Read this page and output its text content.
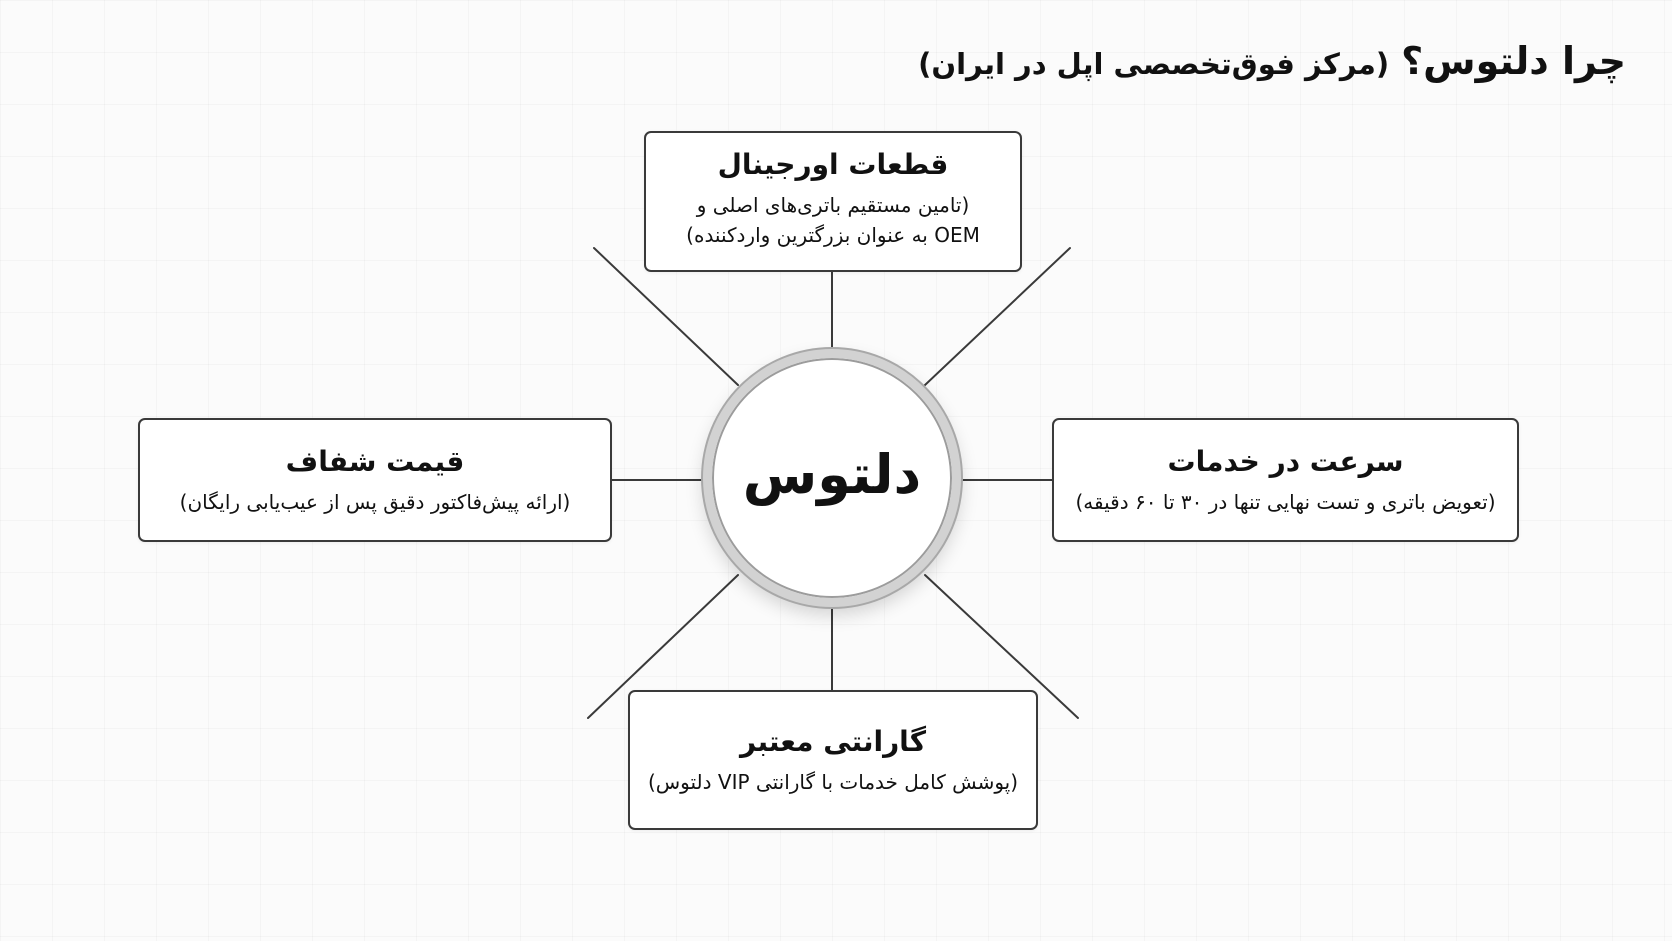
چرا دلتوس؟(مرکز فوق‌تخصصی اپل در ایران)
دلتوس
قطعات اورجینال
(تامین مستقیم باتری‌های اصلی و
OEM به عنوان بزرگترین واردکننده)
سرعت در خدمات
(تعویض باتری و تست نهایی تنها در ۳۰ تا ۶۰ دقیقه)
قیمت شفاف
(ارائه پیش‌فاکتور دقیق پس از عیب‌یابی رایگان)
گارانتی معتبر
(پوشش کامل خدمات با گارانتی VIP دلتوس)
